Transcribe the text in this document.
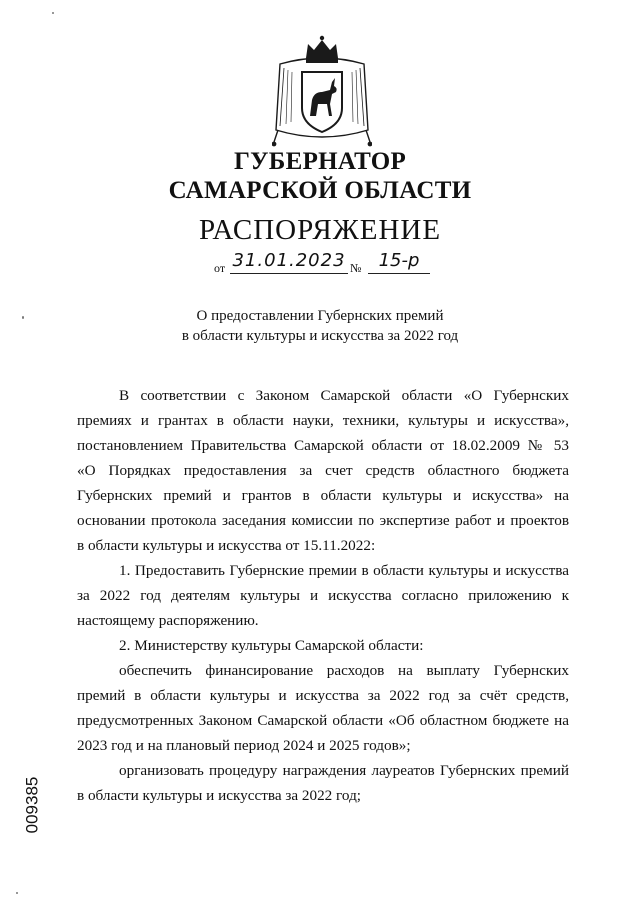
ГУБЕРНАТОР
САМАРСКОЙ ОБЛАСТИ
РАСПОРЯЖЕНИЕ
от 31.01.2023 № 15-р
О предоставлении Губернских премий
в области культуры и искусства за 2022 год

В соответствии с Законом Самарской области «О Губернских

премиях и грантах в области науки, техники, культуры и искусства»,

постановлением Правительства Самарской области от 18.02.2009 № 53

«О Порядках предоставления за счет средств областного бюджета

Губернских премий и грантов в области культуры и искусства» на

основании протокола заседания комиссии по экспертизе работ и проектов

в области культуры и искусства от 15.11.2022:

1. Предоставить Губернские премии в области культуры и искусства

за 2022 год деятелям культуры и искусства согласно приложению к

настоящему распоряжению.

2. Министерству культуры Самарской области:

обеспечить финансирование расходов на выплату Губернских

премий в области культуры и искусства за 2022 год за счёт средств,

предусмотренных Законом Самарской области «Об областном бюджете на

2023 год и на плановый период 2024 и 2025 годов»;

организовать процедуру награждения лауреатов Губернских премий

в области культуры и искусства за 2022 год;

009385
